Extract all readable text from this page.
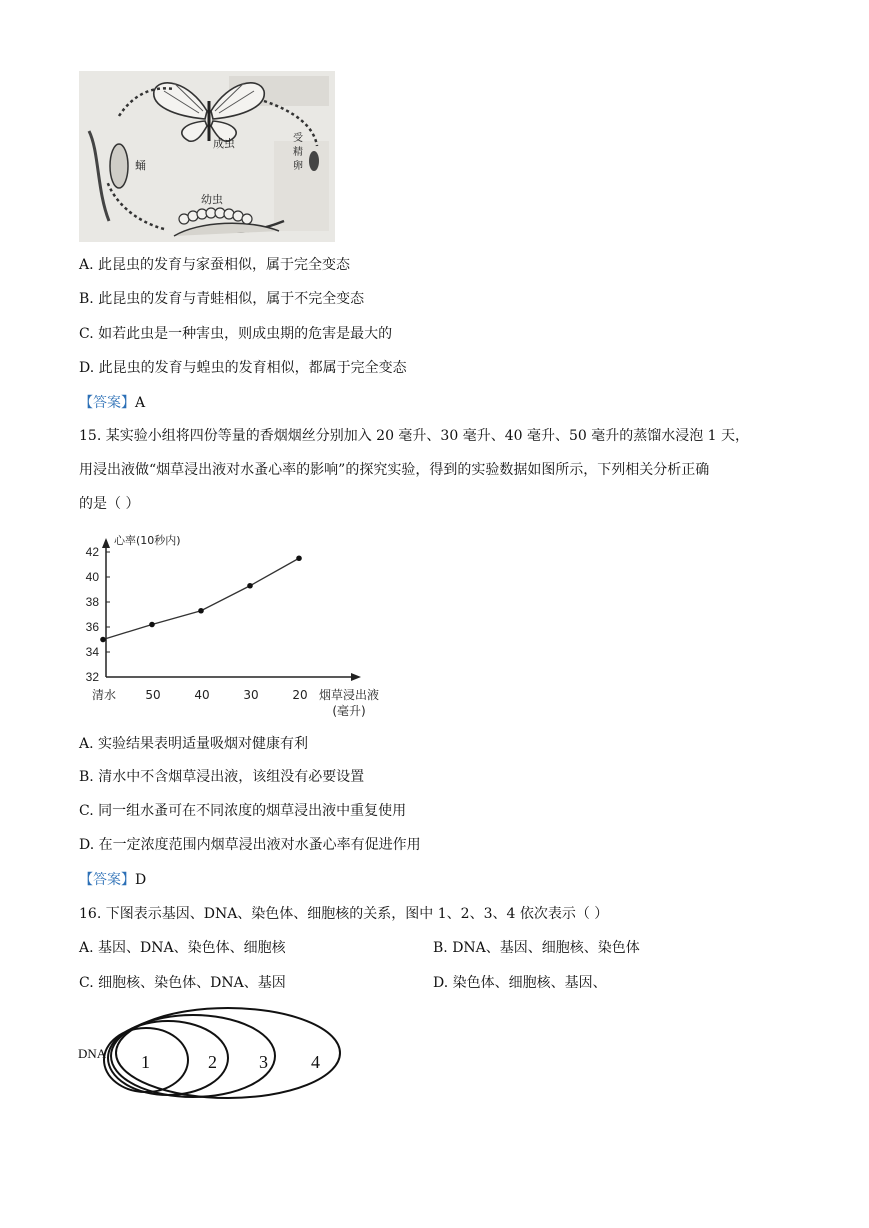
成虫
蛹
幼虫
受 精 卵
A. 此昆虫的发育与家蚕相似，属于完全变态
B. 此昆虫的发育与青蛙相似，属于不完全变态
C. 如若此虫是一种害虫，则成虫期的危害是最大的
D. 此昆虫的发育与蝗虫的发育相似，都属于完全变态
【答案】A
15. 某实验小组将四份等量的香烟烟丝分别加入 20 毫升、30 毫升、40 毫升、50 毫升的蒸馏水浸泡 1 天，
用浸出液做“烟草浸出液对水蚤心率的影响”的探究实验，得到的实验数据如图所示，下列相关分析正确
的是（ ）
32
34
36
38
40
42
心率(10秒内)
清水 50	40	30	20 烟草浸出液
(毫升)
A. 实验结果表明适量吸烟对健康有利
B. 清水中不含烟草浸出液，该组没有必要设置
C. 同一组水蚤可在不同浓度的烟草浸出液中重复使用
D. 在一定浓度范围内烟草浸出液对水蚤心率有促进作用
【答案】D
16. 下图表示基因、DNA、染色体、细胞核的关系，图中 1、2、3、4 依次表示（ ）
A. 基因、DNA、染色体、细胞核	B. DNA、基因、细胞核、染色体
C. 细胞核、染色体、DNA、基因	D. 染色体、细胞核、基因、
DNA 1	2 3 4
